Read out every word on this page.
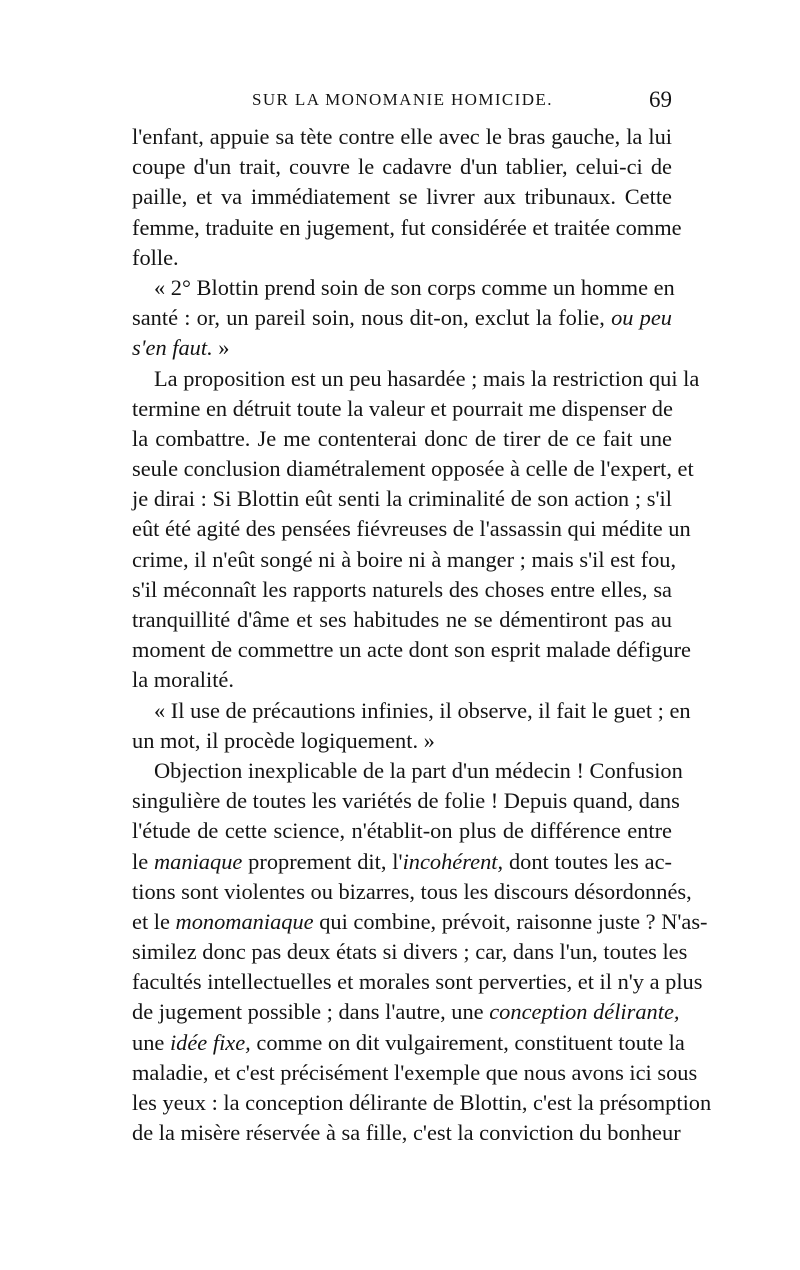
SUR LA MONOMANIE HOMICIDE.	69
l'enfant, appuie sa tète contre elle avec le bras gauche, la lui
coupe d'un trait, couvre le cadavre d'un tablier, celui-ci de
paille, et va immédiatement se livrer aux tribunaux. Cette
femme, traduite en jugement, fut considérée et traitée comme
folle.
« 2° Blottin prend soin de son corps comme un homme en
santé : or, un pareil soin, nous dit-on, exclut la folie, ou peu
s'en faut. »
La proposition est un peu hasardée ; mais la restriction qui la
termine en détruit toute la valeur et pourrait me dispenser de
la combattre. Je me contenterai donc de tirer de ce fait une
seule conclusion diamétralement opposée à celle de l'expert, et
je dirai : Si Blottin eût senti la criminalité de son action ; s'il
eût été agité des pensées fiévreuses de l'assassin qui médite un
crime, il n'eût songé ni à boire ni à manger ; mais s'il est fou,
s'il méconnaît les rapports naturels des choses entre elles, sa
tranquillité d'âme et ses habitudes ne se démentiront pas au
moment de commettre un acte dont son esprit malade défigure
la moralité.
« Il use de précautions infinies, il observe, il fait le guet ; en
un mot, il procède logiquement. »
Objection inexplicable de la part d'un médecin ! Confusion
singulière de toutes les variétés de folie ! Depuis quand, dans
l'étude de cette science, n'établit-on plus de différence entre
le maniaque proprement dit, l'incohérent, dont toutes les ac-
tions sont violentes ou bizarres, tous les discours désordonnés,
et le monomaniaque qui combine, prévoit, raisonne juste ? N'as-
similez donc pas deux états si divers ; car, dans l'un, toutes les
facultés intellectuelles et morales sont perverties, et il n'y a plus
de jugement possible ; dans l'autre, une conception délirante,
une idée fixe, comme on dit vulgairement, constituent toute la
maladie, et c'est précisément l'exemple que nous avons ici sous
les yeux : la conception délirante de Blottin, c'est la présomption
de la misère réservée à sa fille, c'est la conviction du bonheur
